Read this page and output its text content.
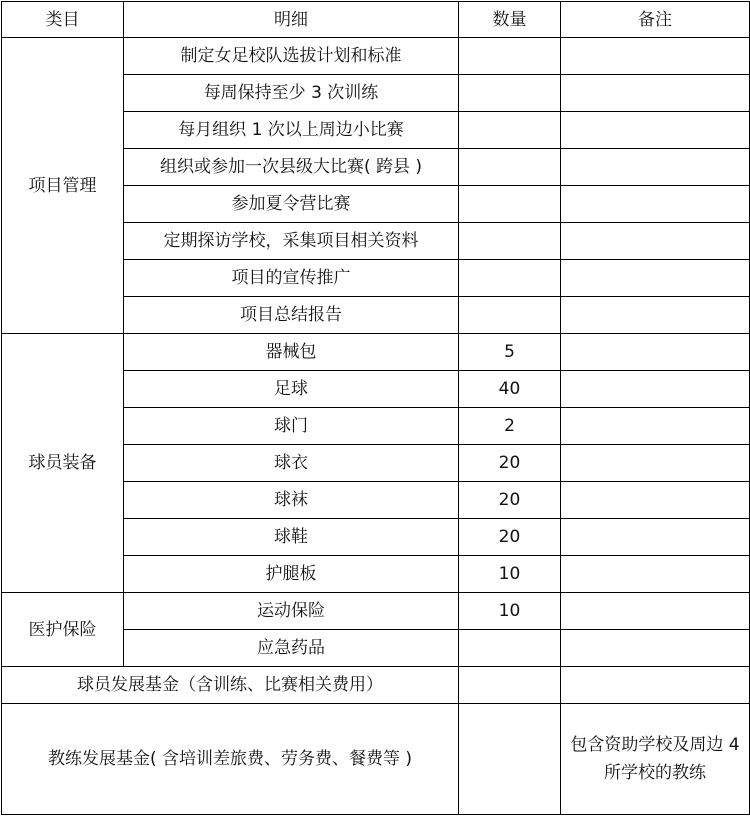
类目	明细	数量	备注
项目管理	制定女足校队选拔计划和标准		
	每周保持至少 3 次训练		
	每月组织 1 次以上周边小比赛		
	组织或参加一次县级大比赛( 跨县 )		
	参加夏令营比赛		
	定期探访学校，采集项目相关资料		
	项目的宣传推广		
	项目总结报告		
球员装备	器械包	5	
	足球	40	
	球门	2	
	球衣	20	
	球袜	20	
	球鞋	20	
	护腿板	10	
医护保险	运动保险	10	
	应急药品		
球员发展基金（含训练、比赛相关费用）			
教练发展基金( 含培训差旅费、劳务费、餐费等 )			包含资助学校及周边 4 所学校的教练
